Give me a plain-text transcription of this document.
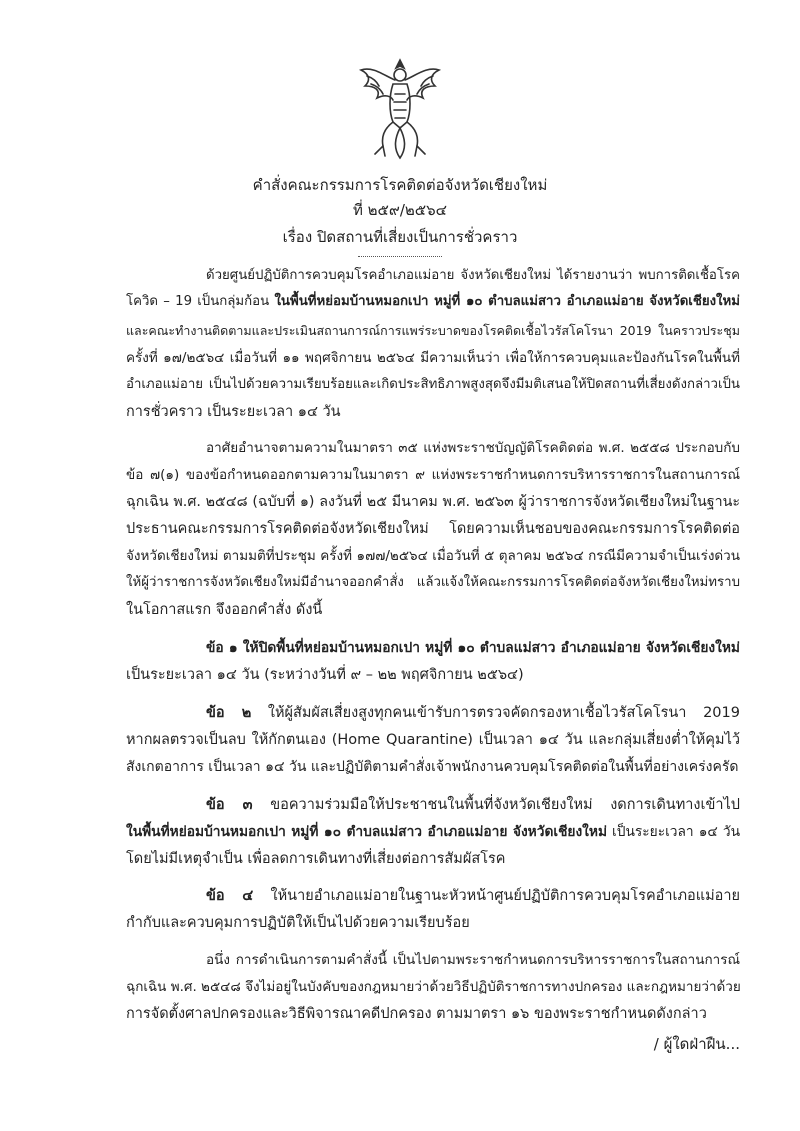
คำสั่งคณะกรรมการโรคติดต่อจังหวัดเชียงใหม่
ที่ ๒๕๙/๒๕๖๔
เรื่อง ปิดสถานที่เสี่ยงเป็นการชั่วคราว
ด้วยศูนย์ปฏิบัติการควบคุมโรคอำเภอแม่อาย จังหวัดเชียงใหม่ ได้รายงานว่า พบการติดเชื้อโรค
โควิด – 19 เป็นกลุ่มก้อน ในพื้นที่หย่อมบ้านหมอกเปา หมู่ที่ ๑๐ ตำบลแม่สาว อำเภอแม่อาย จังหวัดเชียงใหม่
และคณะทำงานติดตามและประเมินสถานการณ์การแพร่ระบาดของโรคติดเชื้อไวรัสโคโรนา 2019 ในคราวประชุม
ครั้งที่ ๑๗/๒๕๖๔ เมื่อวันที่ ๑๑ พฤศจิกายน ๒๕๖๔ มีความเห็นว่า เพื่อให้การควบคุมและป้องกันโรคในพื้นที่
อำเภอแม่อาย เป็นไปด้วยความเรียบร้อยและเกิดประสิทธิภาพสูงสุดจึงมีมติเสนอให้ปิดสถานที่เสี่ยงดังกล่าวเป็น
การชั่วคราว เป็นระยะเวลา ๑๔ วัน
อาศัยอำนาจตามความในมาตรา ๓๕ แห่งพระราชบัญญัติโรคติดต่อ พ.ศ. ๒๕๕๘ ประกอบกับ
ข้อ ๗(๑) ของข้อกำหนดออกตามความในมาตรา ๙ แห่งพระราชกำหนดการบริหารราชการในสถานการณ์
ฉุกเฉิน พ.ศ. ๒๕๔๘ (ฉบับที่ ๑) ลงวันที่ ๒๕ มีนาคม พ.ศ. ๒๕๖๓ ผู้ว่าราชการจังหวัดเชียงใหม่ในฐานะ
ประธานคณะกรรมการโรคติดต่อจังหวัดเชียงใหม่ โดยความเห็นชอบของคณะกรรมการโรคติดต่อ
จังหวัดเชียงใหม่ ตามมติที่ประชุม ครั้งที่ ๑๗๗/๒๕๖๔ เมื่อวันที่ ๕ ตุลาคม ๒๕๖๔ กรณีมีความจำเป็นเร่งด่วน
ให้ผู้ว่าราชการจังหวัดเชียงใหม่มีอำนาจออกคำสั่ง แล้วแจ้งให้คณะกรรมการโรคติดต่อจังหวัดเชียงใหม่ทราบ
ในโอกาสแรก จึงออกคำสั่ง ดังนี้
ข้อ ๑ ให้ปิดพื้นที่หย่อมบ้านหมอกเปา หมู่ที่ ๑๐ ตำบลแม่สาว อำเภอแม่อาย จังหวัดเชียงใหม่
เป็นระยะเวลา ๑๔ วัน (ระหว่างวันที่ ๙ – ๒๒ พฤศจิกายน ๒๕๖๔)
ข้อ ๒ ให้ผู้สัมผัสเสี่ยงสูงทุกคนเข้ารับการตรวจคัดกรองหาเชื้อไวรัสโคโรนา 2019
หากผลตรวจเป็นลบ ให้กักตนเอง (Home Quarantine) เป็นเวลา ๑๔ วัน และกลุ่มเสี่ยงต่ำให้คุมไว้
สังเกตอาการ เป็นเวลา ๑๔ วัน และปฏิบัติตามคำสั่งเจ้าพนักงานควบคุมโรคติดต่อในพื้นที่อย่างเคร่งครัด
ข้อ ๓ ขอความร่วมมือให้ประชาชนในพื้นที่จังหวัดเชียงใหม่ งดการเดินทางเข้าไป
ในพื้นที่หย่อมบ้านหมอกเปา หมู่ที่ ๑๐ ตำบลแม่สาว อำเภอแม่อาย จังหวัดเชียงใหม่ เป็นระยะเวลา ๑๔ วัน
โดยไม่มีเหตุจำเป็น เพื่อลดการเดินทางที่เสี่ยงต่อการสัมผัสโรค
ข้อ ๔ ให้นายอำเภอแม่อายในฐานะหัวหน้าศูนย์ปฏิบัติการควบคุมโรคอำเภอแม่อาย
กำกับและควบคุมการปฏิบัติให้เป็นไปด้วยความเรียบร้อย
อนึ่ง การดำเนินการตามคำสั่งนี้ เป็นไปตามพระราชกำหนดการบริหารราชการในสถานการณ์
ฉุกเฉิน พ.ศ. ๒๕๔๘ จึงไม่อยู่ในบังคับของกฎหมายว่าด้วยวิธีปฏิบัติราชการทางปกครอง และกฎหมายว่าด้วย
การจัดตั้งศาลปกครองและวิธีพิจารณาคดีปกครอง ตามมาตรา ๑๖ ของพระราชกำหนดดังกล่าว
/ ผู้ใดฝ่าฝืน...
